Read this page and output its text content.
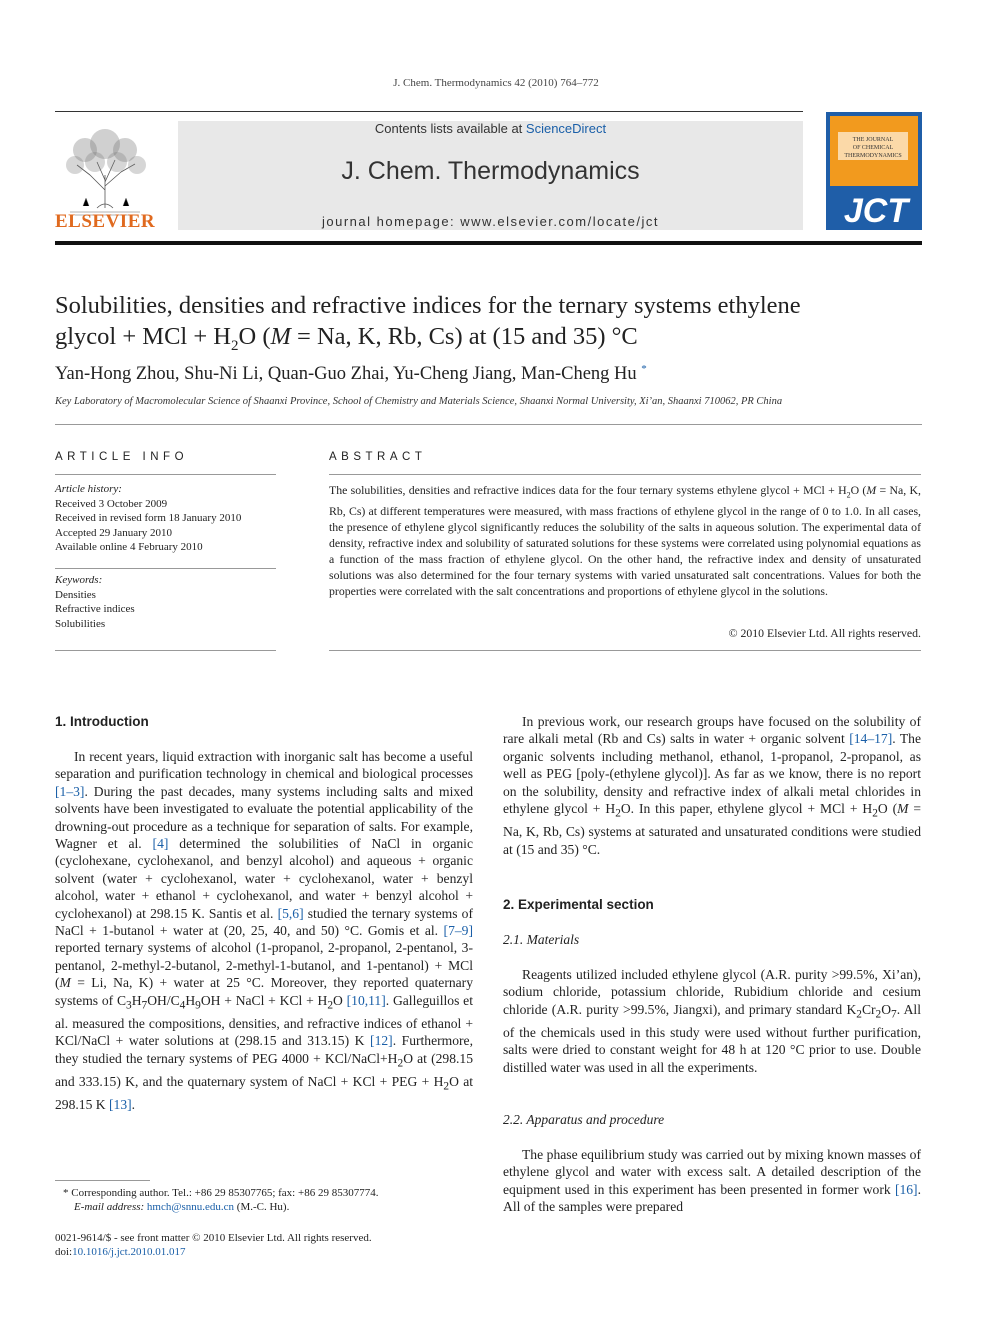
J. Chem. Thermodynamics 42 (2010) 764–772
ELSEVIER
Contents lists available at ScienceDirect
J. Chem. Thermodynamics
journal homepage: www.elsevier.com/locate/jct
THE JOURNAL
OF CHEMICAL
THERMODYNAMICS
JCT
Solubilities, densities and refractive indices for the ternary systems ethylene
glycol + MCl + $H_2O$ (M = Na, K, Rb, Cs) at (15 and 35) °C
Yan-Hong Zhou, Shu-Ni Li, Quan-Guo Zhai, Yu-Cheng Jiang, Man-Cheng Hu *
Key Laboratory of Macromolecular Science of Shaanxi Province, School of Chemistry and Materials Science, Shaanxi Normal University, Xi’an, Shaanxi 710062, PR China
ARTICLE INFO
Article history:
Received 3 October 2009
Received in revised form 18 January 2010
Accepted 29 January 2010
Available online 4 February 2010
Keywords:
Densities
Refractive indices
Solubilities
ABSTRACT
The solubilities, densities and refractive indices data for the four ternary systems ethylene glycol + MCl + $H_2O$ (M = Na, K, Rb, Cs) at different temperatures were measured, with mass fractions of ethylene glycol in the range of 0 to 1.0. In all cases, the presence of ethylene glycol significantly reduces the solubility of the salts in aqueous solution. The experimental data of density, refractive index and solubility of saturated solutions for these systems were correlated using polynomial equations as a function of the mass fraction of ethylene glycol. On the other hand, the refractive index and density of unsaturated solutions was also determined for the four ternary systems with varied unsaturated salt concentrations. Values for both the properties were correlated with the salt concentrations and proportions of ethylene glycol in the solutions.
© 2010 Elsevier Ltd. All rights reserved.
1. Introduction

In recent years, liquid extraction with inorganic salt has become a useful separation and purification technology in chemical and biological processes [1–3]. During the past decades, many systems including salts and mixed solvents have been investigated to evaluate the potential applicability of the drowning-out procedure as a technique for separation of salts. For example, Wagner et al. [4] determined the solubilities of NaCl in organic (cyclohexane, cyclohexanol, and benzyl alcohol) and aqueous + organic solvent (water + cyclohexanol, water + cyclohexanol, water + benzyl alcohol, water + ethanol + cyclohexanol, and water + benzyl alcohol + cyclohexanol) at 298.15 K. Santis et al. [5,6] studied the ternary systems of NaCl + 1-butanol + water at (20, 25, 40, and 50) °C. Gomis et al. [7–9] reported ternary systems of alcohol (1-propanol, 2-propanol, 2-pentanol, 3-pentanol, 2-methyl-2-butanol, 2-methyl-1-butanol, and 1-pentanol) + MCl (M = Li, Na, K) + water at 25 °C. Moreover, they reported quaternary systems of $C_3H_7OH/C_4H_9OH$ + NaCl + KCl + $H_2O$ [10,11]. Galleguillos et al. measured the compositions, densities, and refractive indices of ethanol + KCl/NaCl + water solutions at (298.15 and 313.15) K [12]. Furthermore, they studied the ternary systems of PEG 4000 + KCl/$NaCl+H_2O$ at (298.15 and 333.15) K, and the quaternary system of NaCl + KCl + PEG + $H_2O$ at 298.15 K [13].

* Corresponding author. Tel.: +86 29 85307765; fax: +86 29 85307774.
E-mail address: hmch@snnu.edu.cn (M.-C. Hu).
0021-9614/$ - see front matter © 2010 Elsevier Ltd. All rights reserved.
doi:10.1016/j.jct.2010.01.017

In previous work, our research groups have focused on the solubility of rare alkali metal (Rb and Cs) salts in water + organic solvent [14–17]. The organic solvents including methanol, ethanol, 1-propanol, 2-propanol, as well as PEG [poly-(ethylene glycol)]. As far as we know, there is no report on the solubility, density and refractive index of alkali metal chlorides in ethylene glycol + $H_2O$. In this paper, ethylene glycol + MCl + $H_2O$ (M = Na, K, Rb, Cs) systems at saturated and unsaturated conditions were studied at (15 and 35) °C.

2. Experimental section
2.1. Materials

Reagents utilized included ethylene glycol (A.R. purity >99.5%, Xi’an), sodium chloride, potassium chloride, Rubidium chloride and cesium chloride (A.R. purity >99.5%, Jiangxi), and primary standard $K_2Cr_2O_7$. All of the chemicals used in this study were used without further purification, salts were dried to constant weight for 48 h at 120 °C prior to use. Double distilled water was used in all the experiments.

2.2. Apparatus and procedure

The phase equilibrium study was carried out by mixing known masses of ethylene glycol and water with excess salt. A detailed description of the equipment used in this experiment has been presented in former work [16]. All of the samples were prepared
